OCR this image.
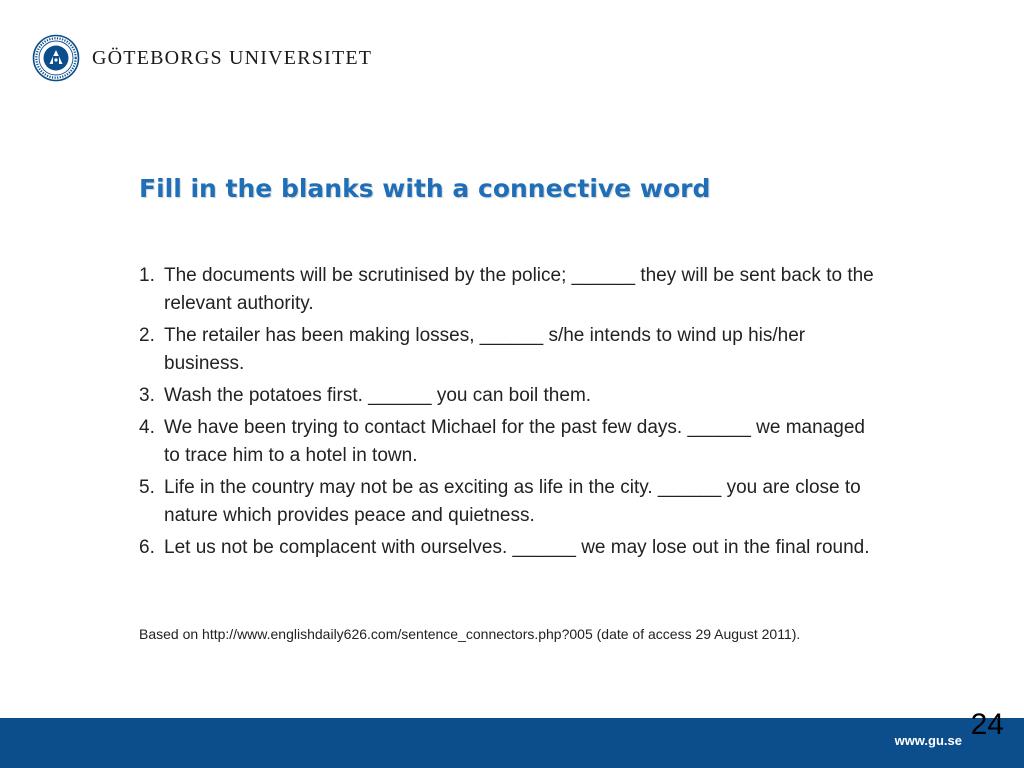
GÖTEBORGS UNIVERSITET
Fill in the blanks with a connective word
1. The documents will be scrutinised by the police; ______ they will be sent back to the relevant authority.
2. The retailer has been making losses, ______ s/he intends to wind up his/her business.
3. Wash the potatoes first. ______ you can boil them.
4. We have been trying to contact Michael for the past few days. ______ we managed to trace him to a hotel in town.
5. Life in the country may not be as exciting as life in the city. ______ you are close to nature which provides peace and quietness.
6. Let us not be complacent with ourselves. ______ we may lose out in the final round.
Based on http://www.englishdaily626.com/sentence_connectors.php?005 (date of access 29 August 2011).
www.gu.se 24
